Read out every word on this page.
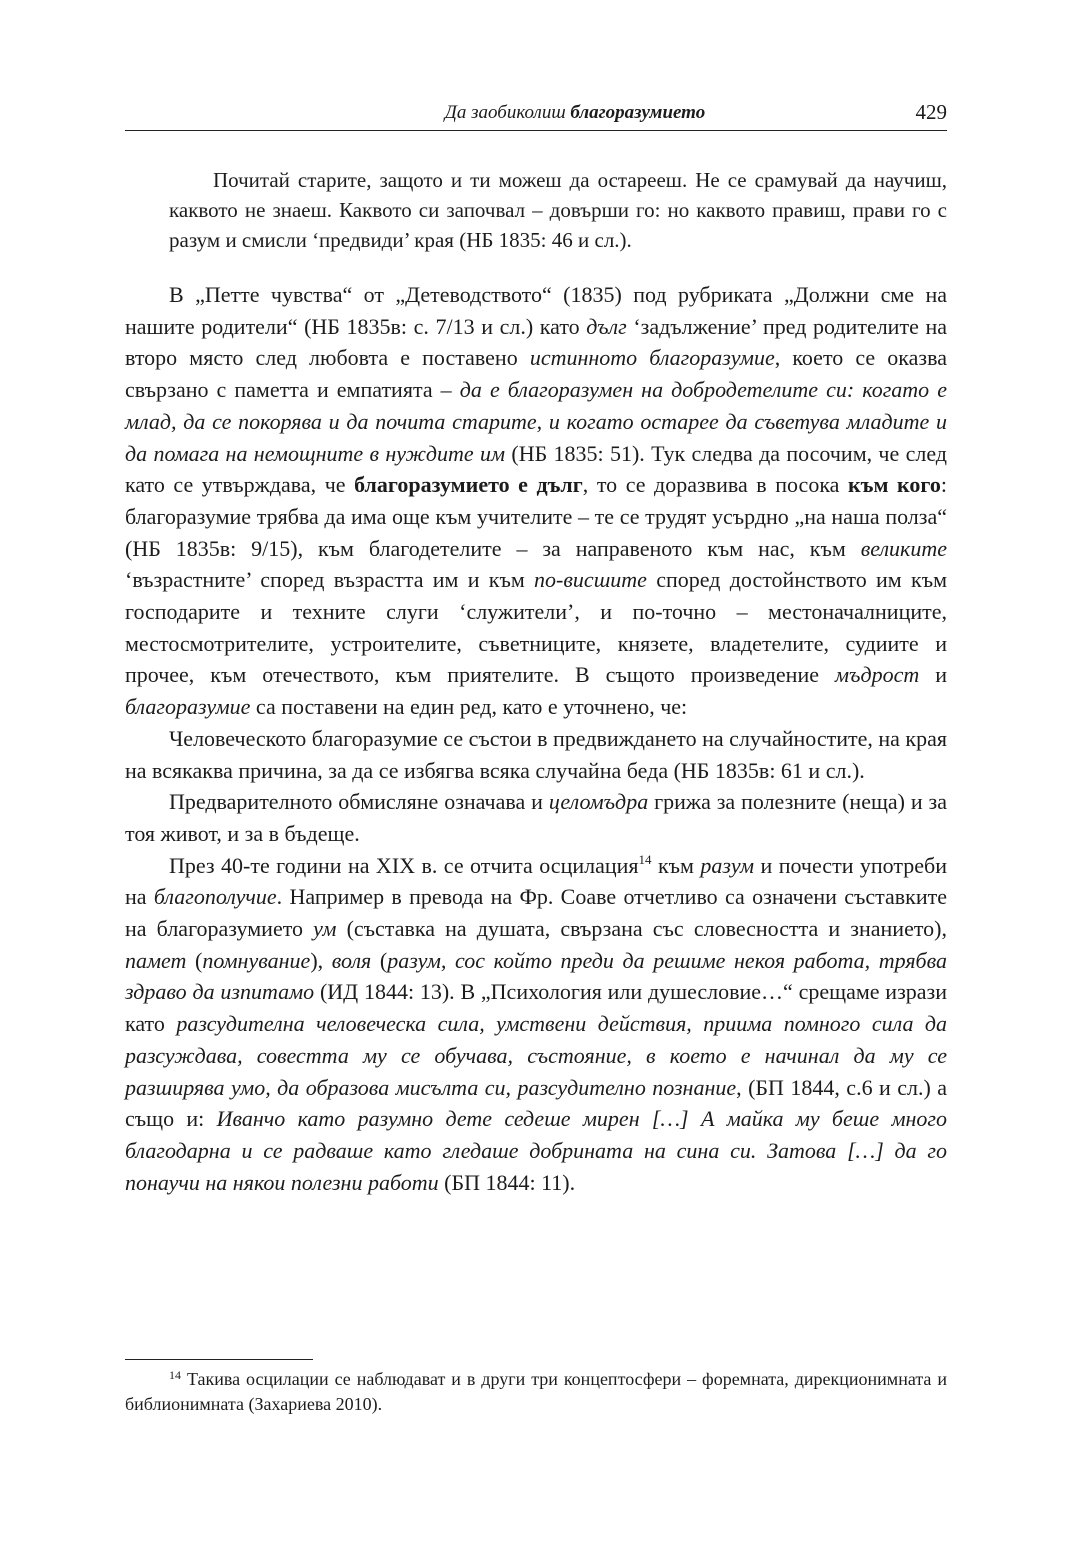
Да заобиколиш благоразумието	429

Почитай старите, защото и ти можеш да остарееш. Не се срамувай да научиш, каквото не знаеш. Каквото си започвал – довърши го: но каквото правиш, прави го с разум и смисли ‘предвиди’ края (НБ 1835: 46 и сл.).

В „Петте чувства“ от „Детеводството“ (1835) под рубриката „Должни сме на нашите родители“ (НБ 1835в: с. 7/13 и сл.) като дълг ‘задължение’ пред родителите на второ място след любовта е поставено истинното благоразумие, което се оказва свързано с паметта и емпатията – да е благоразумен на добродетелите си: когато е млад, да се покорява и да почита старите, и когато остарее да съветува младите и да помага на немощните в нуждите им (НБ 1835: 51). Тук следва да посочим, че след като се утвърждава, че благоразумието е дълг, то се доразвива в посока към кого: благоразумие трябва да има още към учителите – те се трудят усърдно „на наша полза“ (НБ 1835в: 9/15), към благодетелите – за направеното към нас, към великите ‘възрастните’ според възрастта им и към по-висшите според достойнството им към господарите и техните слуги ‘служители’, и по-точно – местоначалниците, местосмотрителите, устроителите, съветниците, князете, владетелите, судиите и прочее, към отечеството, към приятелите. В същото произведение мъдрост и благоразумие са поставени на един ред, като е уточнено, че:

Человеческото благоразумие се състои в предвиждането на случайностите, на края на всякаква причина, за да се избягва всяка случайна беда (НБ 1835в: 61 и сл.).

Предварителното обмисляне означава и целомъдра грижа за полезните (неща) и за тоя живот, и за в бъдеще.

През 40-те години на XIX в. се отчита осцилация$^{14}$ към разум и почести употреби на благополучие. Например в превода на Фр. Соаве отчетливо са означени съставките на благоразумието ум (съставка на душата, свързана със словесността и знанието), памет (помнувание), воля (разум, сос който преди да решиме некоя работа, трябва здраво да изпитамо (ИД 1844: 13). В „Психология или душесловие…“ срещаме изрази като разсудителна человеческа сила, умствени действия, приима помного сила да разсуждава, совестта му се обучава, състояние, в което е начинал да му се разширява умо, да образова мисълта си, разсудително познание, (БП 1844, с.6 и сл.) а също и: Иванчо като разумно дете седеше мирен […] А майка му беше много благодарна и се радваше като гледаше добрината на сина си. Затова […] да го понаучи на някои полезни работи (БП 1844: 11).

$^{14}$ Такива осцилации се наблюдават и в други три концептосфери – форемната, дирекционимната и библионимната (Захариева 2010).
